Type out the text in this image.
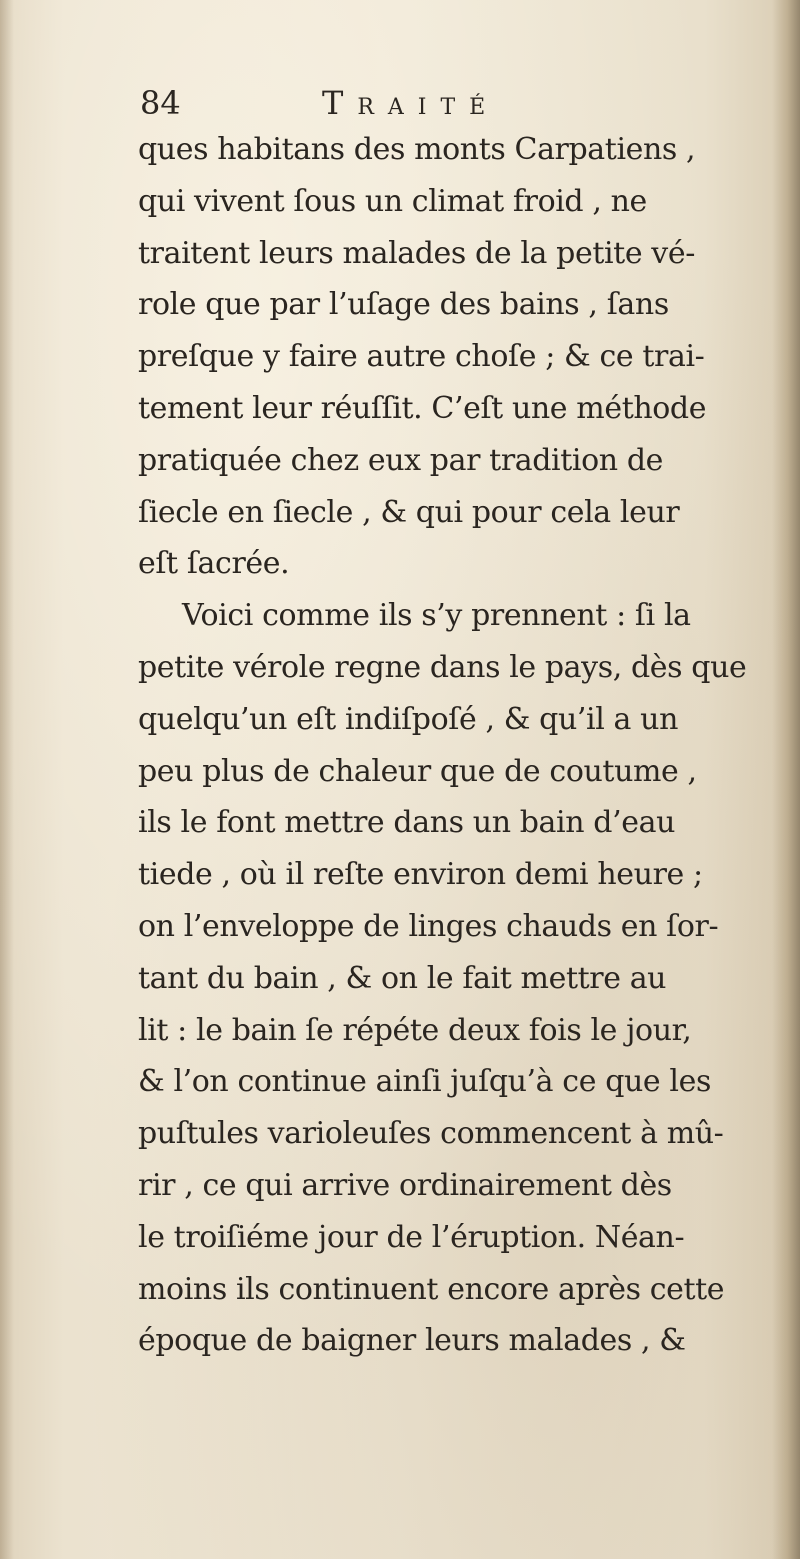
84	Traité
ques habitans des monts Carpatiens ,
qui vivent ſous un climat froid , ne
traitent leurs malades de la petite vé-
role que par l’uſage des bains , ſans
preſque y faire autre choſe ; & ce trai-
tement leur réuſſit. C’eſt une méthode
pratiquée chez eux par tradition de
ſiecle en ſiecle , & qui pour cela leur
eſt ſacrée.
Voici comme ils s’y prennent : ſi la
petite vérole regne dans le pays, dès que
quelqu’un eſt indiſpoſé , & qu’il a un
peu plus de chaleur que de coutume ,
ils le font mettre dans un bain d’eau
tiede , où il reſte environ demi heure ;
on l’enveloppe de linges chauds en ſor-
tant du bain , & on le fait mettre au
lit : le bain ſe répéte deux fois le jour,
& l’on continue ainſi juſqu’à ce que les
puſtules varioleuſes commencent à mû-
rir , ce qui arrive ordinairement dès
le troiſiéme jour de l’éruption. Néan-
moins ils continuent encore après cette
époque de baigner leurs malades , &
